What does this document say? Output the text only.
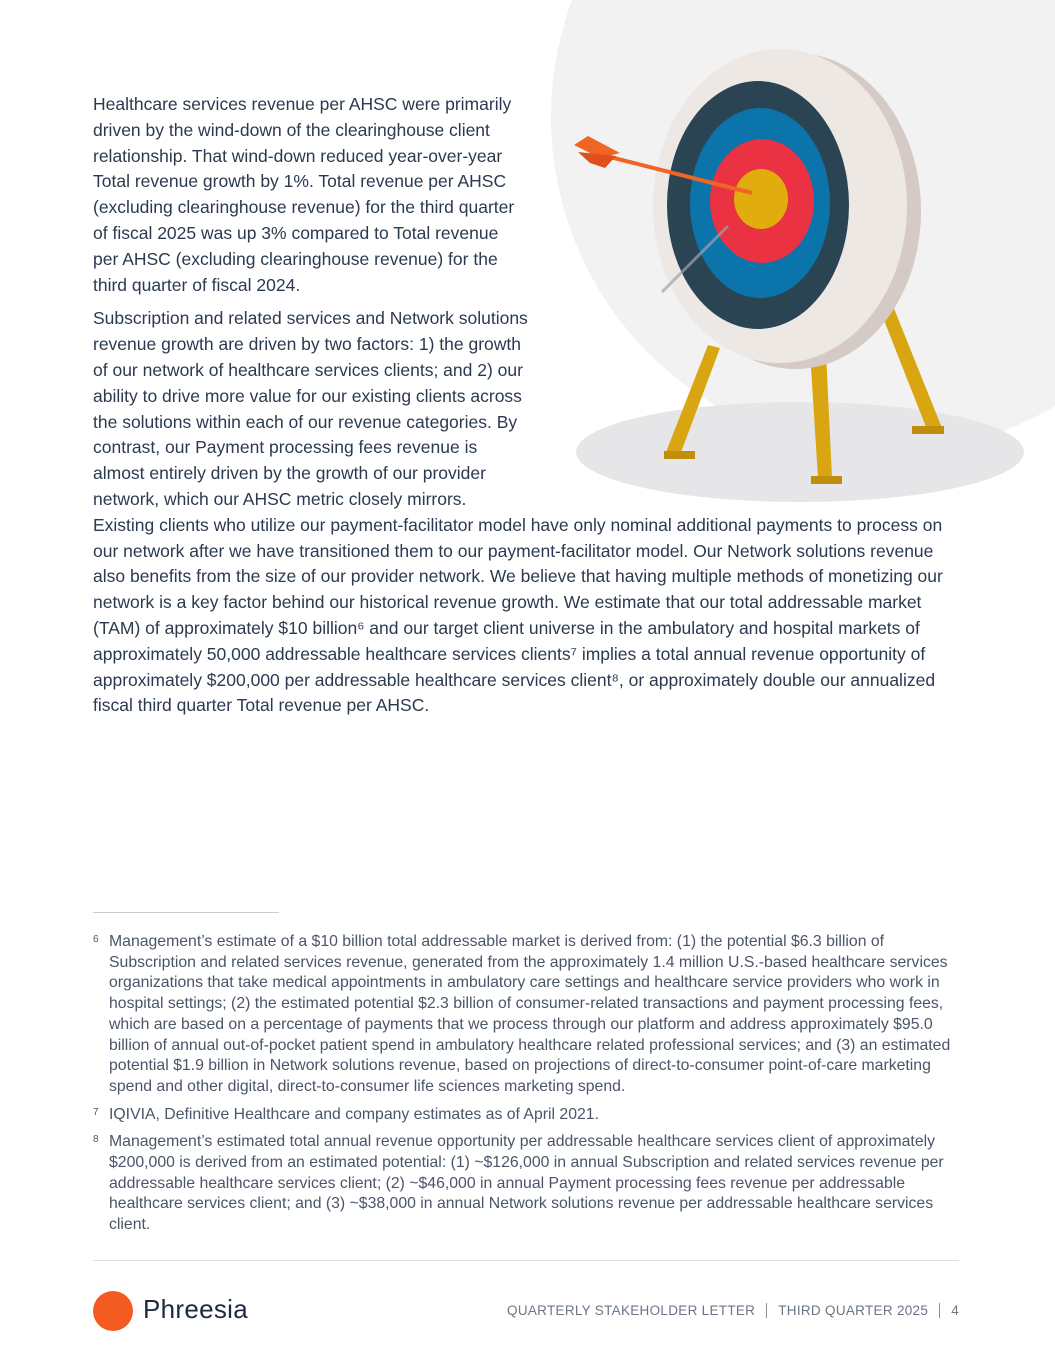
Healthcare services revenue per AHSC were primarily driven by the wind-down of the clearinghouse client relationship. That wind-down reduced year-over-year Total revenue growth by 1%. Total revenue per AHSC (excluding clearinghouse revenue) for the third quarter of fiscal 2025 was up 3% compared to Total revenue per AHSC (excluding clearinghouse revenue) for the third quarter of fiscal 2024.

Subscription and related services and Network solutions revenue growth are driven by two factors: 1) the growth of our network of healthcare services clients; and 2) our ability to drive more value for our existing clients across the solutions within each of our revenue categories. By contrast, our Payment processing fees revenue is almost entirely driven by the growth of our provider network, which our AHSC metric closely mirrors. Existing clients who utilize our payment-facilitator model have only nominal additional payments to process on our network after we have transitioned them to our payment-facilitator model. Our Network solutions revenue also benefits from the size of our provider network. We believe that having multiple methods of monetizing our network is a key factor behind our historical revenue growth. We estimate that our total addressable market (TAM) of approximately $10 billion⁶ and our target client universe in the ambulatory and hospital markets of approximately 50,000 addressable healthcare services clients⁷ implies a total annual revenue opportunity of approximately $200,000 per addressable healthcare services client⁸, or approximately double our annualized fiscal third quarter Total revenue per AHSC.

6 Management’s estimate of a $10 billion total addressable market is derived from: (1) the potential $6.3 billion of Subscription and related services revenue, generated from the approximately 1.4 million U.S.-based healthcare services organizations that take medical appointments in ambulatory care settings and healthcare service providers who work in hospital settings; (2) the estimated potential $2.3 billion of consumer-related transactions and payment processing fees, which are based on a percentage of payments that we process through our platform and address approximately $95.0 billion of annual out-of-pocket patient spend in ambulatory healthcare related professional services; and (3) an estimated potential $1.9 billion in Network solutions revenue, based on projections of direct-to-consumer point-of-care marketing spend and other digital, direct-to-consumer life sciences marketing spend.
7 IQIVIA, Definitive Healthcare and company estimates as of April 2021.
8 Management’s estimated total annual revenue opportunity per addressable healthcare services client of approximately $200,000 is derived from an estimated potential: (1) ~$126,000 in annual Subscription and related services revenue per addressable healthcare services client; (2) ~$46,000 in annual Payment processing fees revenue per addressable healthcare services client; and (3) ~$38,000 in annual Network solutions revenue per addressable healthcare services client.
Phreesia	QUARTERLY STAKEHOLDER LETTER THIRD QUARTER 2025 4
